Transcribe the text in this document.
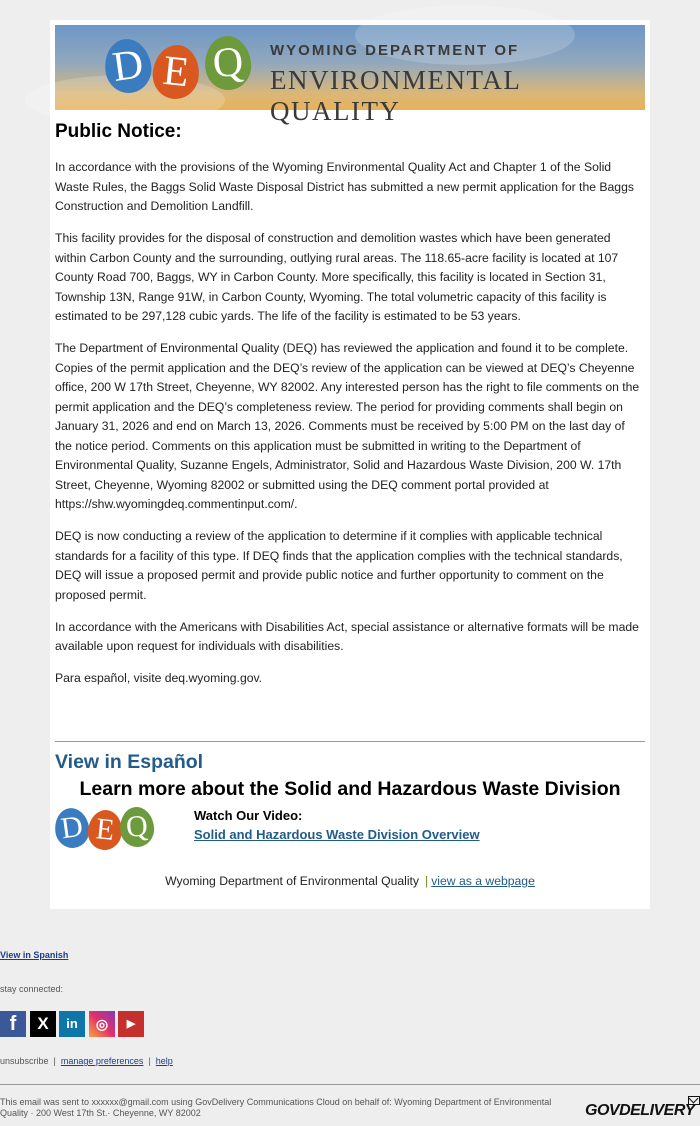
D E Q	WYOMING DEPARTMENT OF
ENVIRONMENTAL QUALITY
Public Notice:

In accordance with the provisions of the Wyoming Environmental Quality Act and Chapter 1 of the Solid Waste Rules, the Baggs Solid Waste Disposal District has submitted a new permit application for the Baggs Construction and Demolition Landfill.

This facility provides for the disposal of construction and demolition wastes which have been generated within Carbon County and the surrounding, outlying rural areas. The 118.65-acre facility is located at 107 County Road 700, Baggs, WY in Carbon County. More specifically, this facility is located in Section 31, Township 13N, Range 91W, in Carbon County, Wyoming. The total volumetric capacity of this facility is estimated to be 297,128 cubic yards. The life of the facility is estimated to be 53 years.

The Department of Environmental Quality (DEQ) has reviewed the application and found it to be complete. Copies of the permit application and the DEQ’s review of the application can be viewed at DEQ’s Cheyenne office, 200 W 17th Street, Cheyenne, WY 82002. Any interested person has the right to file comments on the permit application and the DEQ’s completeness review. The period for providing comments shall begin on January 31, 2026 and end on March 13, 2026. Comments must be received by 5:00 PM on the last day of the notice period. Comments on this application must be submitted in writing to the Department of Environmental Quality, Suzanne Engels, Administrator, Solid and Hazardous Waste Division, 200 W. 17th Street, Cheyenne, Wyoming 82002 or submitted using the DEQ comment portal provided at https://shw.wyomingdeq.commentinput.com/.

DEQ is now conducting a review of the application to determine if it complies with applicable technical standards for a facility of this type. If DEQ finds that the application complies with the technical standards, DEQ will issue a proposed permit and provide public notice and further opportunity to comment on the proposed permit.

In accordance with the Americans with Disabilities Act, special assistance or alternative formats will be made available upon request for individuals with disabilities.

Para español, visite deq.wyoming.gov.

View in Español
Learn more about the Solid and Hazardous Waste Division
D E Q	Watch Our Video:
Solid and Hazardous Waste Division Overview
Wyoming Department of Environmental Quality | view as a webpage
View in Spanish
stay connected:
f	X	in	◎	▶
unsubscribe | manage preferences | help
This email was sent to xxxxxx@gmail.com using GovDelivery Communications Cloud on behalf of: Wyoming Department of Environmental Quality · 200 West 17th St.· Cheyenne, WY 82002	GOVDELIVERY
